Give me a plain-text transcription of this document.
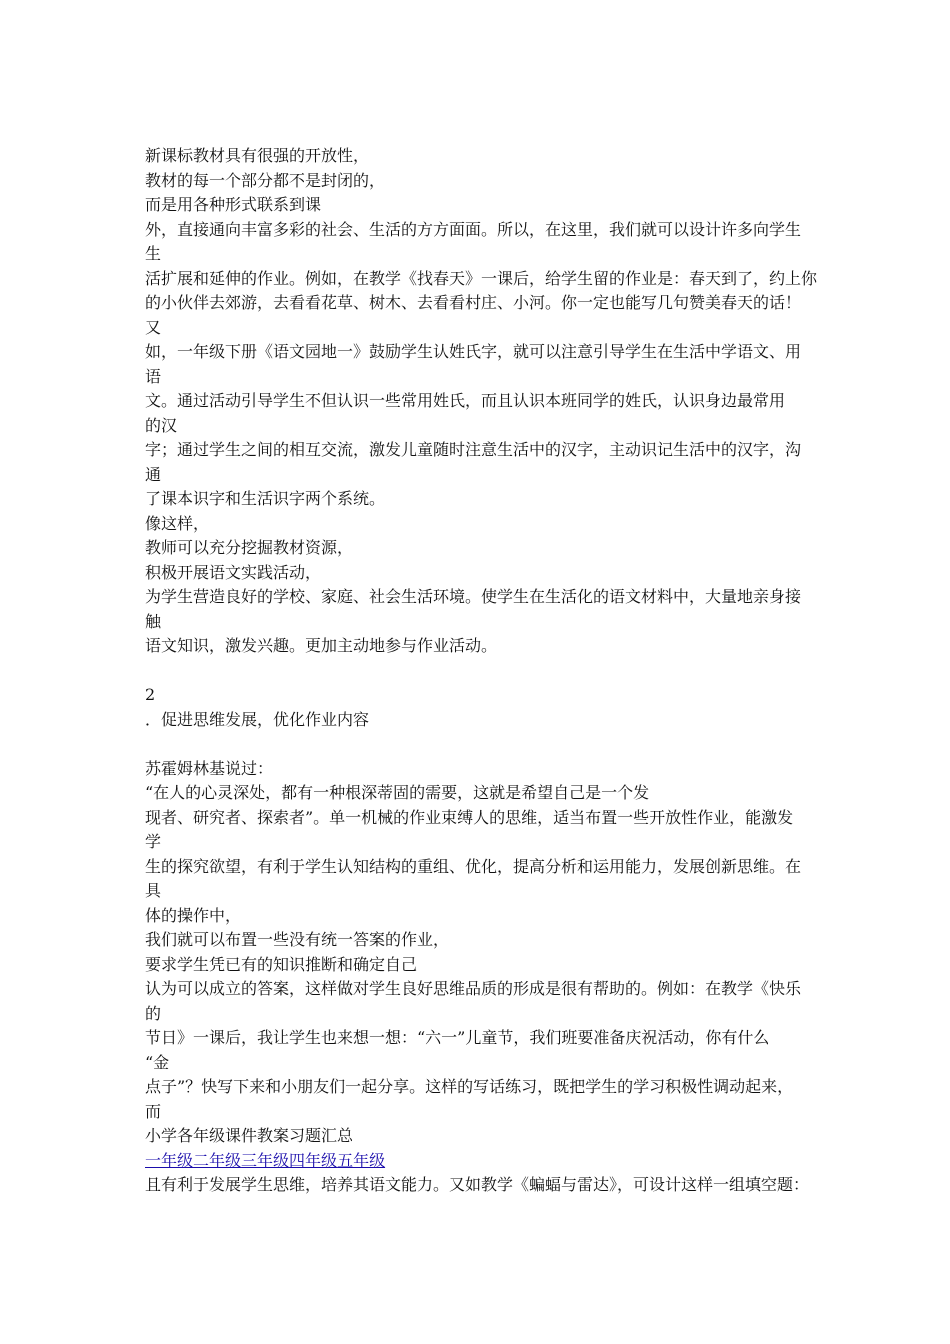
新课标教材具有很强的开放性，
教材的每一个部分都不是封闭的，
而是用各种形式联系到课
外，直接通向丰富多彩的社会、生活的方方面面。所以，在这里，我们就可以设计许多向学生
生
活扩展和延伸的作业。例如，在教学《找春天》一课后，给学生留的作业是：春天到了，约上你
的小伙伴去郊游，去看看花草、树木、去看看村庄、小河。你一定也能写几句赞美春天的话！
又
如，一年级下册《语文园地一》鼓励学生认姓氏字，就可以注意引导学生在生活中学语文、用
语
文。通过活动引导学生不但认识一些常用姓氏，而且认识本班同学的姓氏，认识身边最常用
的汉
字；通过学生之间的相互交流，激发儿童随时注意生活中的汉字，主动识记生活中的汉字，沟
通
了课本识字和生活识字两个系统。
像这样，
教师可以充分挖掘教材资源，
积极开展语文实践活动，
为学生营造良好的学校、家庭、社会生活环境。使学生在生活化的语文材料中，大量地亲身接
触
语文知识，激发兴趣。更加主动地参与作业活动。
2
．促进思维发展，优化作业内容
苏霍姆林基说过：
“在人的心灵深处，都有一种根深蒂固的需要，这就是希望自己是一个发
现者、研究者、探索者”。单一机械的作业束缚人的思维，适当布置一些开放性作业，能激发
学
生的探究欲望，有利于学生认知结构的重组、优化，提高分析和运用能力，发展创新思维。在
具
体的操作中，
我们就可以布置一些没有统一答案的作业，
要求学生凭已有的知识推断和确定自己
认为可以成立的答案，这样做对学生良好思维品质的形成是很有帮助的。例如：在教学《快乐
的
节日》一课后，我让学生也来想一想：“六一”儿童节，我们班要准备庆祝活动，你有什么
“金
点子”？快写下来和小朋友们一起分享。这样的写话练习，既把学生的学习积极性调动起来，
而
小学各年级课件教案习题汇总
一年级二年级三年级四年级五年级
且有利于发展学生思维，培养其语文能力。又如教学《蝙蝠与雷达》，可设计这样一组填空题：
